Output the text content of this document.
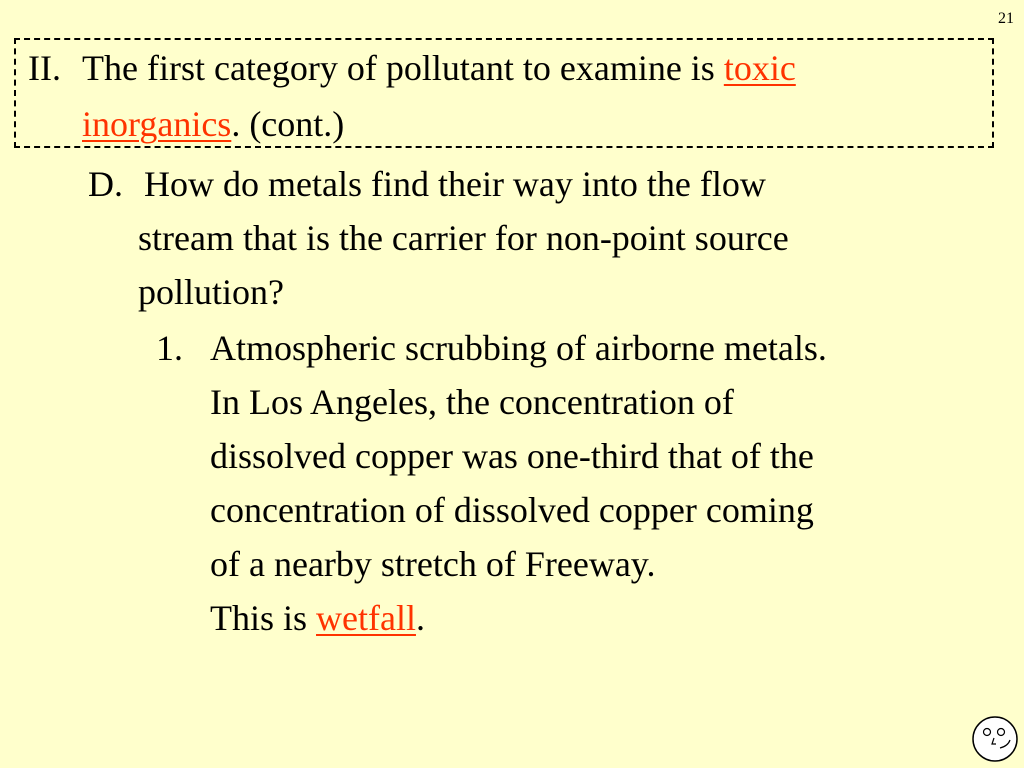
21
II. The first category of pollutant to examine is toxic
inorganics. (cont.)
D. How do metals find their way into the flow
stream that is the carrier for non-point source
pollution?
1. Atmospheric scrubbing of airborne metals.
In Los Angeles, the concentration of
dissolved copper was one-third that of the
concentration of dissolved copper coming
of a nearby stretch of Freeway.
This is wetfall.
